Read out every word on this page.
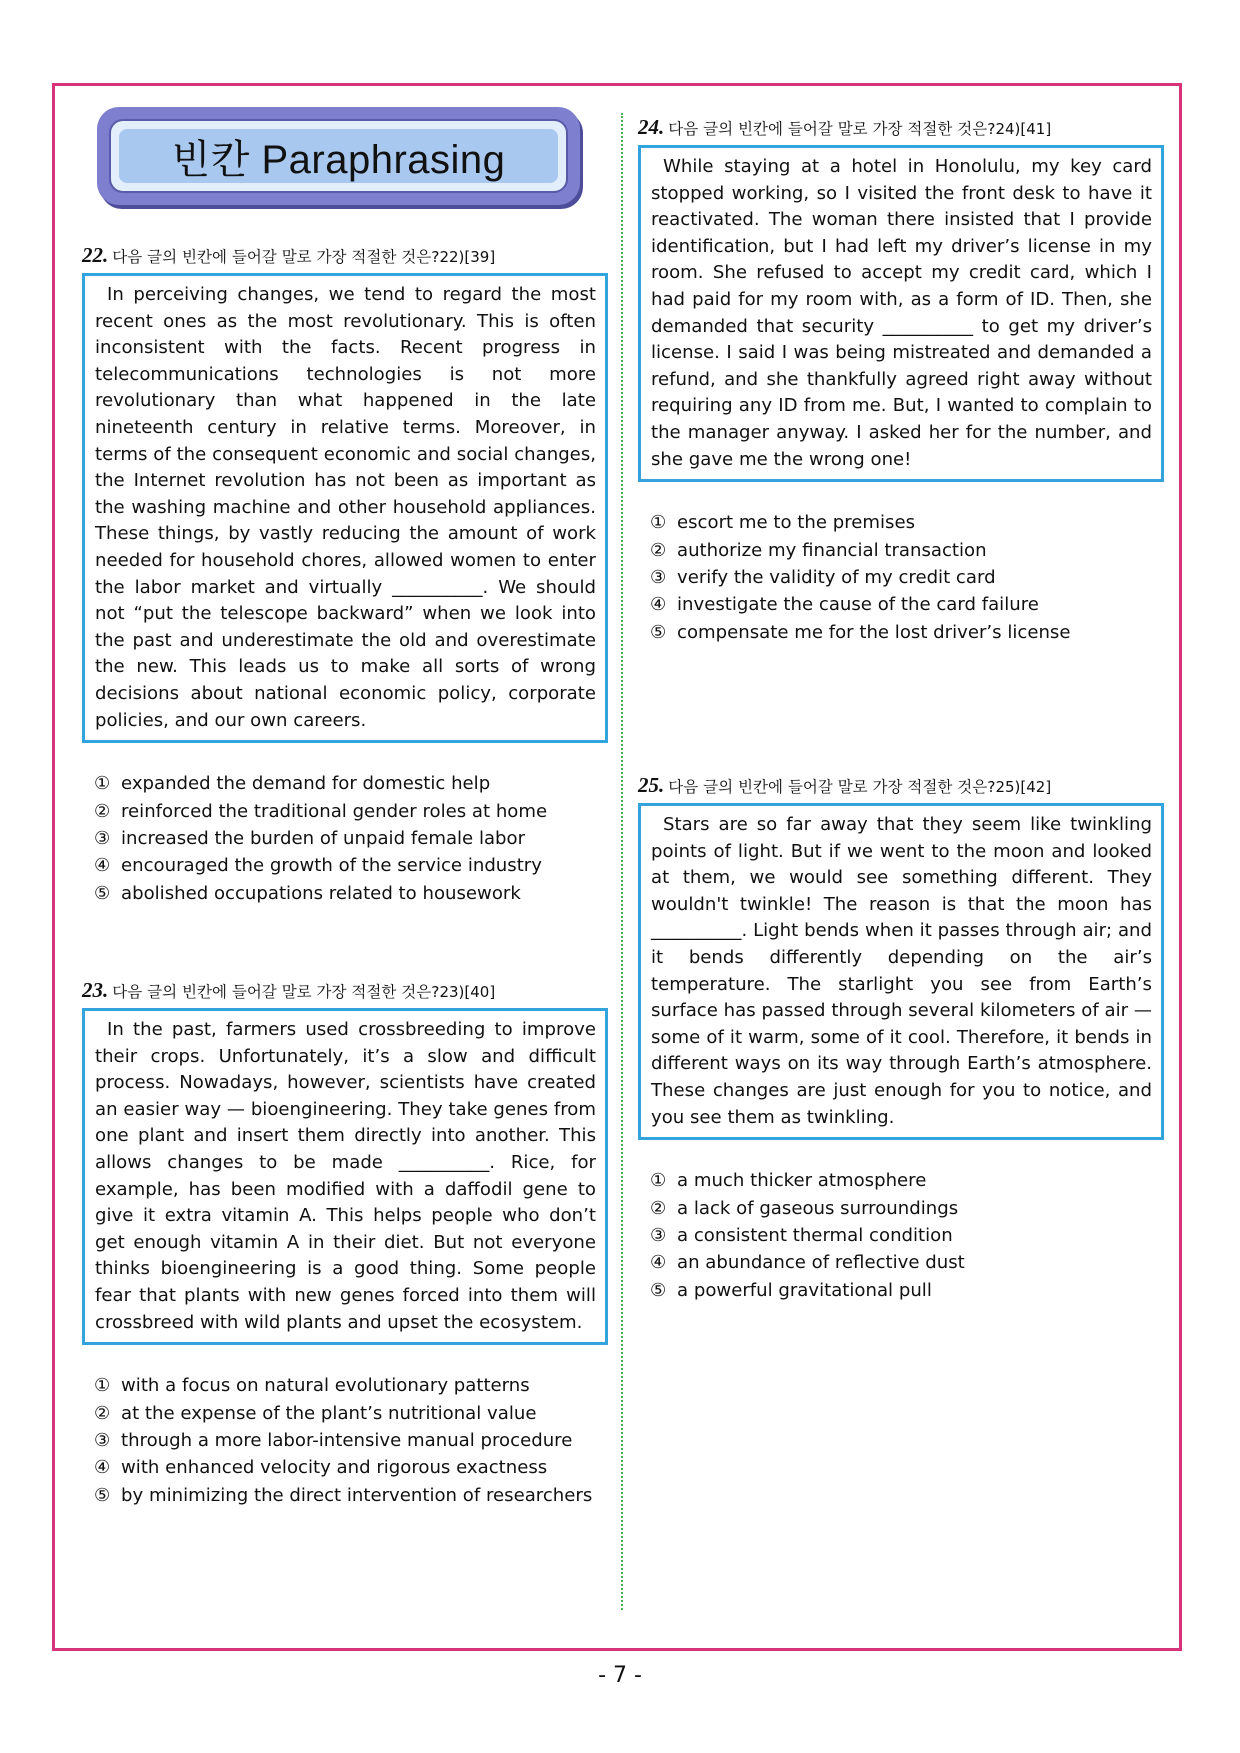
빈칸 Paraphrasing
22. 다음 글의 빈칸에 들어갈 말로 가장 적절한 것은?22)[39]
In perceiving changes, we tend to regard the most recent ones as the most revolutionary. This is often inconsistent with the facts. Recent progress in telecommunications technologies is not more revolutionary than what happened in the late nineteenth century in relative terms. Moreover, in terms of the consequent economic and social changes, the Internet revolution has not been as important as the washing machine and other household appliances. These things, by vastly reducing the amount of work needed for household chores, allowed women to enter the labor market and virtually __________. We should not “put the telescope backward” when we look into the past and underestimate the old and overestimate the new. This leads us to make all sorts of wrong decisions about national economic policy, corporate policies, and our own careers.
① expanded the demand for domestic help
② reinforced the traditional gender roles at home
③ increased the burden of unpaid female labor
④ encouraged the growth of the service industry
⑤ abolished occupations related to housework
23. 다음 글의 빈칸에 들어갈 말로 가장 적절한 것은?23)[40]
In the past, farmers used crossbreeding to improve their crops. Unfortunately, it’s a slow and difficult process. Nowadays, however, scientists have created an easier way — bioengineering. They take genes from one plant and insert them directly into another. This allows changes to be made __________. Rice, for example, has been modified with a daffodil gene to give it extra vitamin A. This helps people who don’t get enough vitamin A in their diet. But not everyone thinks bioengineering is a good thing. Some people fear that plants with new genes forced into them will crossbreed with wild plants and upset the ecosystem.
① with a focus on natural evolutionary patterns
② at the expense of the plant’s nutritional value
③ through a more labor-intensive manual procedure
④ with enhanced velocity and rigorous exactness
⑤ by minimizing the direct intervention of researchers
24. 다음 글의 빈칸에 들어갈 말로 가장 적절한 것은?24)[41]
While staying at a hotel in Honolulu, my key card stopped working, so I visited the front desk to have it reactivated. The woman there insisted that I provide identification, but I had left my driver’s license in my room. She refused to accept my credit card, which I had paid for my room with, as a form of ID. Then, she demanded that security __________ to get my driver’s license. I said I was being mistreated and demanded a refund, and she thankfully agreed right away without requiring any ID from me. But, I wanted to complain to the manager anyway. I asked her for the number, and she gave me the wrong one!
① escort me to the premises
② authorize my financial transaction
③ verify the validity of my credit card
④ investigate the cause of the card failure
⑤ compensate me for the lost driver’s license
25. 다음 글의 빈칸에 들어갈 말로 가장 적절한 것은?25)[42]
Stars are so far away that they seem like twinkling points of light. But if we went to the moon and looked at them, we would see something different. They wouldn't twinkle! The reason is that the moon has __________. Light bends when it passes through air; and it bends differently depending on the air’s temperature. The starlight you see from Earth’s surface has passed through several kilometers of air — some of it warm, some of it cool. Therefore, it bends in different ways on its way through Earth’s atmosphere. These changes are just enough for you to notice, and you see them as twinkling.
① a much thicker atmosphere
② a lack of gaseous surroundings
③ a consistent thermal condition
④ an abundance of reflective dust
⑤ a powerful gravitational pull
- 7 -
